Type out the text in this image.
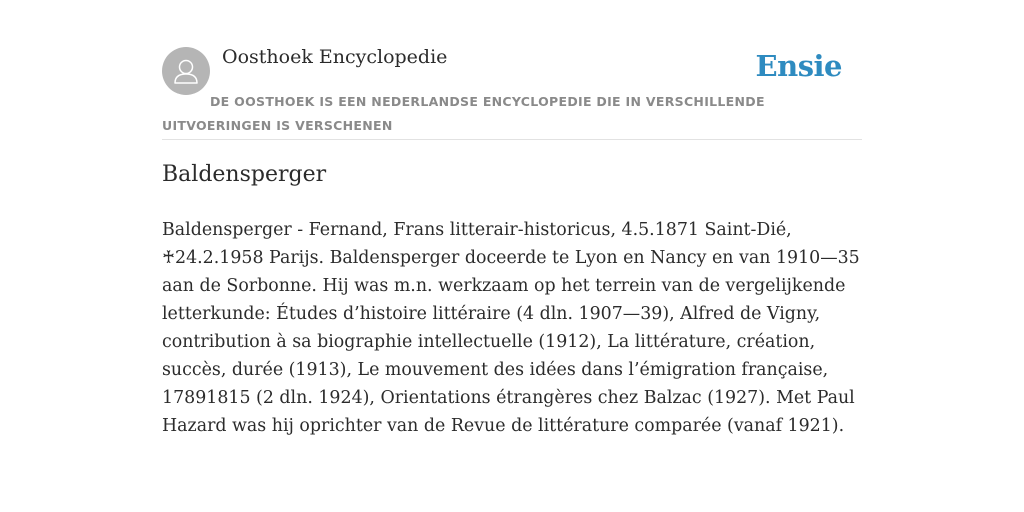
Oosthoek Encyclopedie	Ensie
DE OOSTHOEK IS EEN NEDERLANDSE ENCYCLOPEDIE DIE IN VERSCHILLENDE UITVOERINGEN IS VERSCHENEN
Baldensperger

Baldensperger - Fernand, Frans litterair-historicus, 4.5.1871 Saint-Dié, ♰24.2.1958 Parijs. Baldensperger doceerde te Lyon en Nancy en van 1910—35 aan de Sorbonne. Hij was m.n. werkzaam op het terrein van de vergelijkende letterkunde: Études d’histoire littéraire (4 dln. 1907—39), Alfred de Vigny, contribution à sa biographie intellectuelle (1912), La littérature, création, succès, durée (1913), Le mouvement des idées dans l’émigration française, 17891815 (2 dln. 1924), Orientations étrangères chez Balzac (1927). Met Paul Hazard was hij oprichter van de Revue de littérature comparée (vanaf 1921).
